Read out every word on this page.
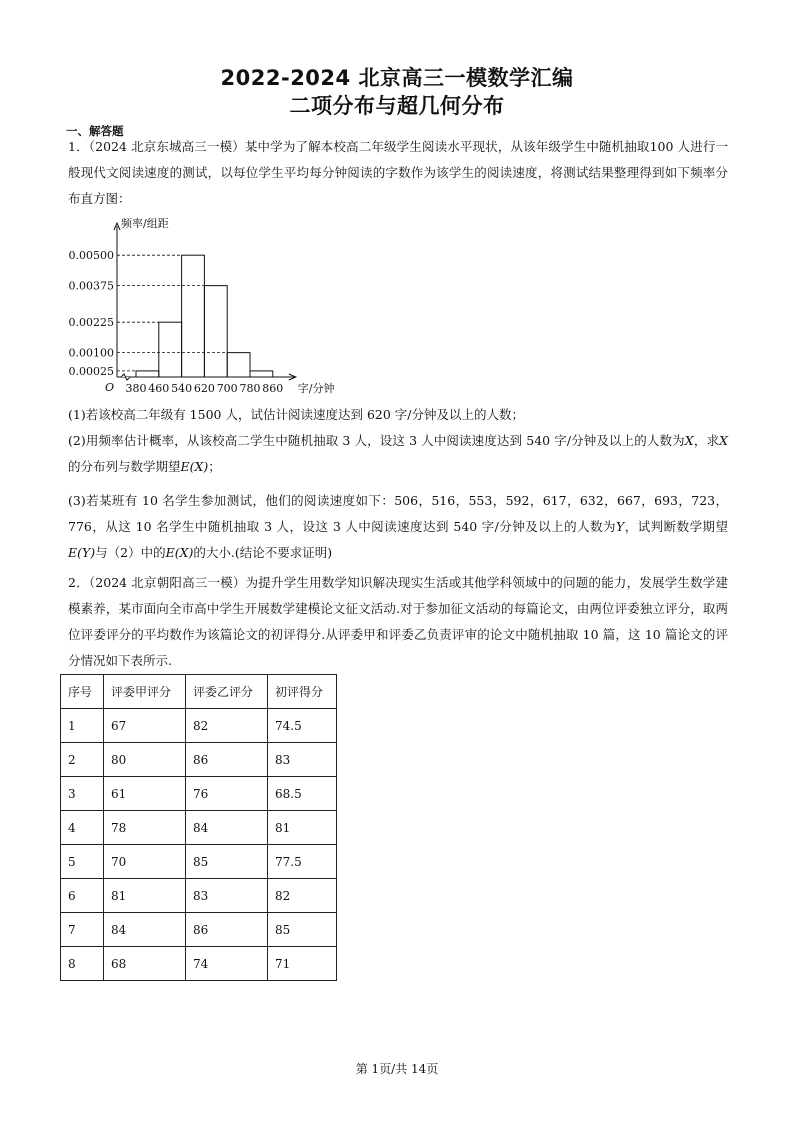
2022-2024 北京高三一模数学汇编
二项分布与超几何分布
一、解答题
1．（2024 北京东城高三一模）某中学为了解本校高二年级学生阅读水平现状，从该年级学生中随机抽取100 人进行一般现代文阅读速度的测试，以每位学生平均每分钟阅读的字数作为该学生的阅读速度，将测试结果整理得到如下频率分布直方图：
0.00025
0.00100
0.00225
0.00375
0.00500
380 460 540 620 700 780 860
频率/组距
字/分钟
O
(1)若该校高二年级有 1500 人，试估计阅读速度达到 620 字/分钟及以上的人数；
(2)用频率估计概率，从该校高二学生中随机抽取 3 人，设这 3 人中阅读速度达到 540 字/分钟及以上的人数为X，求X的分布列与数学期望E(X)；
(3)若某班有 10 名学生参加测试，他们的阅读速度如下：506，516，553，592，617，632，667，693，723，776，从这 10 名学生中随机抽取 3 人，设这 3 人中阅读速度达到 540 字/分钟及以上的人数为Y，试判断数学期望E(Y)与（2）中的E(X)的大小.(结论不要求证明)
2．（2024 北京朝阳高三一模）为提升学生用数学知识解决现实生活或其他学科领域中的问题的能力，发展学生数学建模素养，某市面向全市高中学生开展数学建模论文征文活动.对于参加征文活动的每篇论文，由两位评委独立评分，取两位评委评分的平均数作为该篇论文的初评得分.从评委甲和评委乙负责评审的论文中随机抽取 10 篇，这 10 篇论文的评分情况如下表所示.
序号	评委甲评分	评委乙评分	初评得分
1	67	82	74.5
2	80	86	83
3	61	76	68.5
4	78	84	81
5	70	85	77.5
6	81	83	82
7	84	86	85
8	68	74	71
第 1页/共 14页
